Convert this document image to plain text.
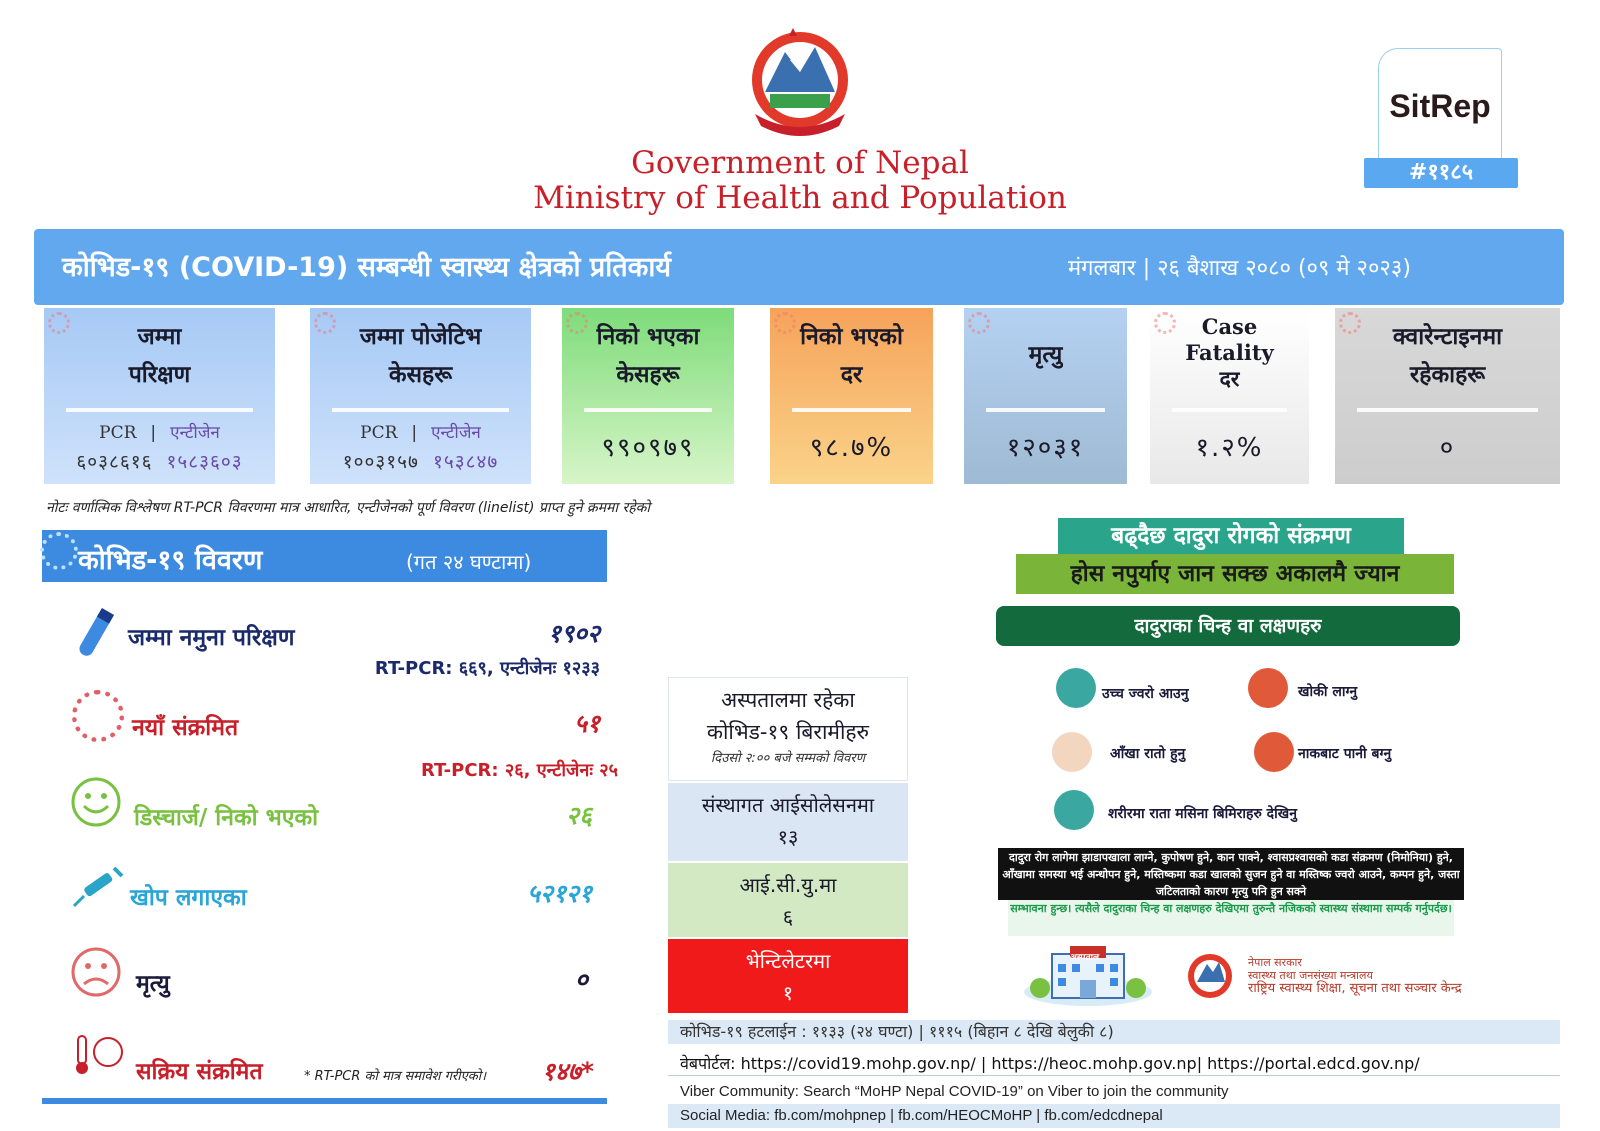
Government of Nepal
Ministry of Health and Population
SitRep
#११८५
कोभिड-१९ (COVID-19) सम्बन्धी स्वास्थ्य क्षेत्रको प्रतिकार्य	मंगलबार | २६ बैशाख २०८० (०९ मे २०२३)
जम्मा
परिक्षण
PCR | एन्टीजेन
६०३८६१६ १५८३६०३
जम्मा पोजेटिभ
केसहरू
PCR | एन्टीजेन
१००३१५७ १५३८४७
निको भएका
केसहरू
९९०९७९
निको भएको
दर
९८.७%
मृत्यु
१२०३१
Case
Fatality
दर
१.२%
क्वारेन्टाइनमा
रहेकाहरू
०
नोटः वर्णात्मिक विश्लेषण RT-PCR विवरणमा मात्र आधारित, एन्टीजेनको पूर्ण विवरण (linelist) प्राप्त हुने क्रममा रहेको
कोभिड-१९ विवरण	(गत २४ घण्टामा)
जम्मा नमुना परिक्षण	१९०२
RT-PCR: ६६९, एन्टीजेनः १२३३
नयाँ संक्रमित	५१
RT-PCR: २६, एन्टीजेनः २५
डिस्चार्ज/ निको भएको	२६
खोप लगाएका	५२१२१
मृत्यु	०
सक्रिय संक्रमित	* RT-PCR को मात्र समावेश गरीएको।	१४७*
अस्पतालमा रहेका
कोभिड-१९ बिरामीहरु
दिउसो २:०० बजे सम्मको विवरण
संस्थागत आईसोलेसनमा
१३
आई.सी.यु.मा
६
भेन्टिलेटरमा
१
कोभिड-१९ हटलाईन : ११३३ (२४ घण्टा) | १११५ (बिहान ८ देखि बेलुकी ८)
वेबपोर्टल: https://covid19.mohp.gov.np/ | https://heoc.mohp.gov.np| https://portal.edcd.gov.np/
Viber Community: Search “MoHP Nepal COVID-19” on Viber to join the community
Social Media: fb.com/mohpnep | fb.com/HEOCMoHP | fb.com/edcdnepal
बढ्दैछ दादुरा रोगको संक्रमण
होस नपुर्याए जान सक्छ अकालमै ज्यान
दादुराका चिन्ह वा लक्षणहरु
उच्च ज्वरो आउनु	खोकी लाग्नु
आँखा रातो हुनु	नाकबाट पानी बग्नु
शरीरमा राता मसिना बिमिराहरु देखिनु
दादुरा रोग लागेमा झाडापखाला लाग्ने, कुपोषण हुने, कान पाक्ने, श्वासप्रश्वासको कडा संक्रमण (निमोनिया) हुने, आँखामा समस्या भई अन्धोपन हुने, मस्तिष्कमा कडा खालको सुजन हुने वा मस्तिष्क ज्वरो आउने, कम्पन हुने, जस्ता जटिलताको कारण मृत्यु पनि हुन सक्ने
सम्भावना हुन्छ। त्यसैले दादुराका चिन्ह वा लक्षणहरु देखिएमा तुरुन्तै नजिकको स्वास्थ्य संस्थामा सम्पर्क गर्नुपर्दछ।
अस्पताल	नेपाल सरकार
स्वास्थ्य तथा जनसंख्या मन्त्रालय
राष्ट्रिय स्वास्थ्य शिक्षा, सूचना तथा सञ्चार केन्द्र
